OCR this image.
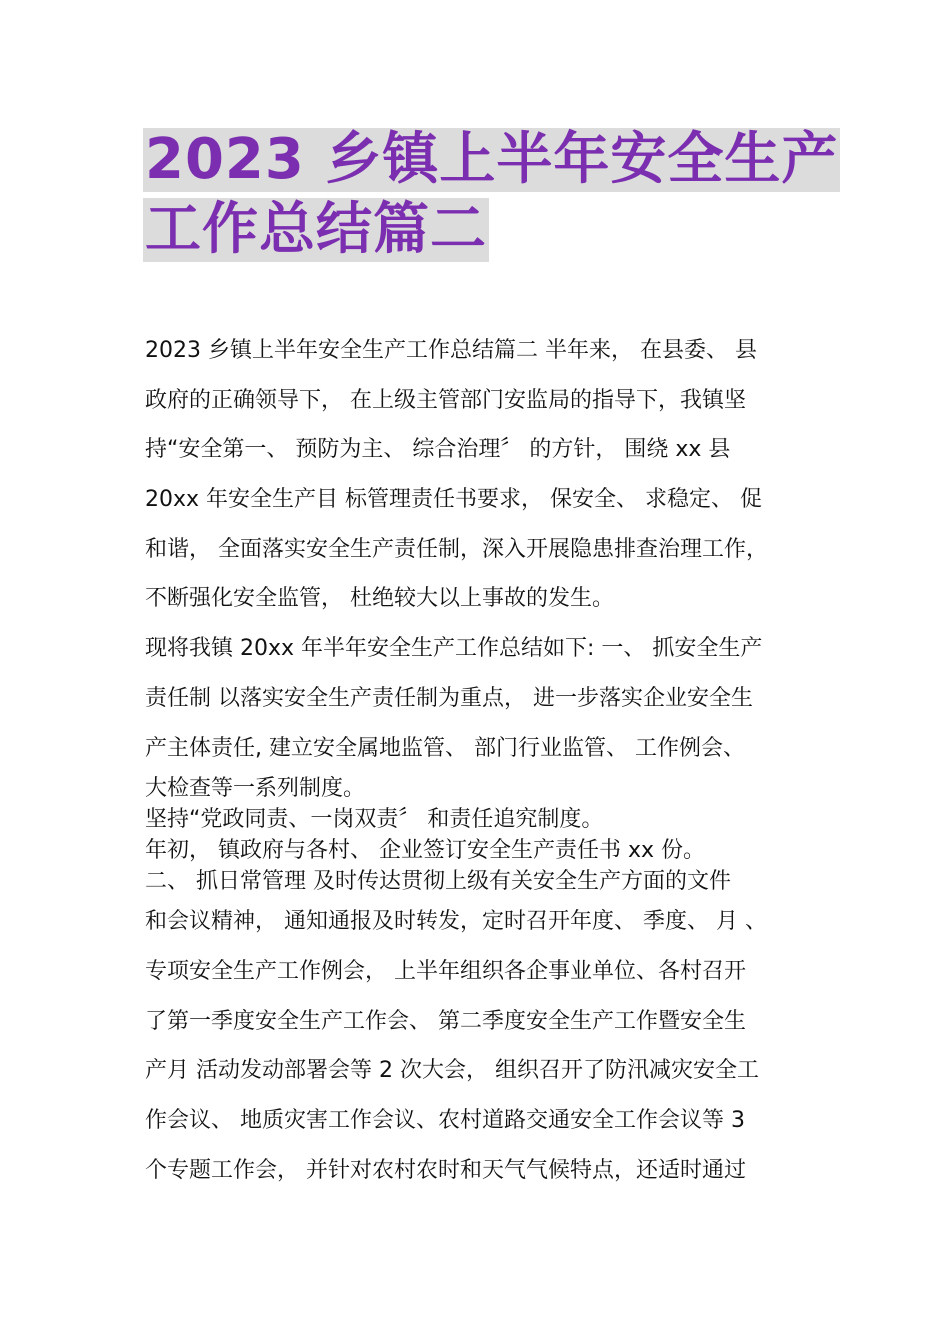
2023 乡镇上半年安全生产
工作总结篇二
2023 乡镇上半年安全生产工作总结篇二 半年来， 在县委、 县
政府的正确领导下， 在上级主管部门安监局的指导下，我镇坚
持“安全第一、 预防为主、 综合治理〞 的方针， 围绕 xx 县
20xx 年安全生产目 标管理责任书要求， 保安全、 求稳定、 促
和谐， 全面落实安全生产责任制，深入开展隐患排查治理工作，
不断强化安全监管， 杜绝较大以上事故的发生。
现将我镇 20xx 年半年安全生产工作总结如下: 一、 抓安全生产
责任制 以落实安全生产责任制为重点， 进一步落实企业安全生
产主体责任, 建立安全属地监管、 部门行业监管、 工作例会、
大检查等一系列制度。
坚持“党政同责、一岗双责〞 和责任追究制度。
年初， 镇政府与各村、 企业签订安全生产责任书 xx 份。
二、 抓日常管理 及时传达贯彻上级有关安全生产方面的文件
和会议精神， 通知通报及时转发，定时召开年度、 季度、 月 、
专项安全生产工作例会， 上半年组织各企事业单位、各村召开
了第一季度安全生产工作会、 第二季度安全生产工作暨安全生
产月 活动发动部署会等 2 次大会， 组织召开了防汛减灾安全工
作会议、 地质灾害工作会议、农村道路交通安全工作会议等 3
个专题工作会， 并针对农村农时和天气气候特点，还适时通过
